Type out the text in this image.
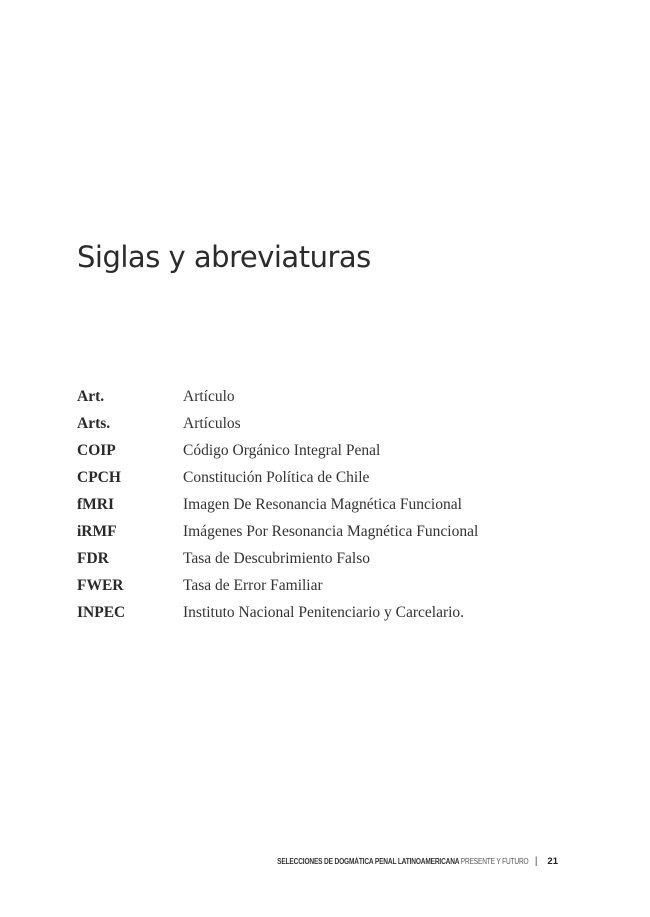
Siglas y abreviaturas
Art.	Artículo
Arts.	Artículos
COIP	Código Orgánico Integral Penal
CPCH	Constitución Política de Chile
fMRI	Imagen De Resonancia Magnética Funcional
iRMF	Imágenes Por Resonancia Magnética Funcional
FDR	Tasa de Descubrimiento Falso
FWER	Tasa de Error Familiar
INPEC	Instituto Nacional Penitenciario y Carcelario.
SELECCIONES DE DOGMÁTICA PENAL LATINOAMERICANA PRESENTE Y FUTURO | 21
